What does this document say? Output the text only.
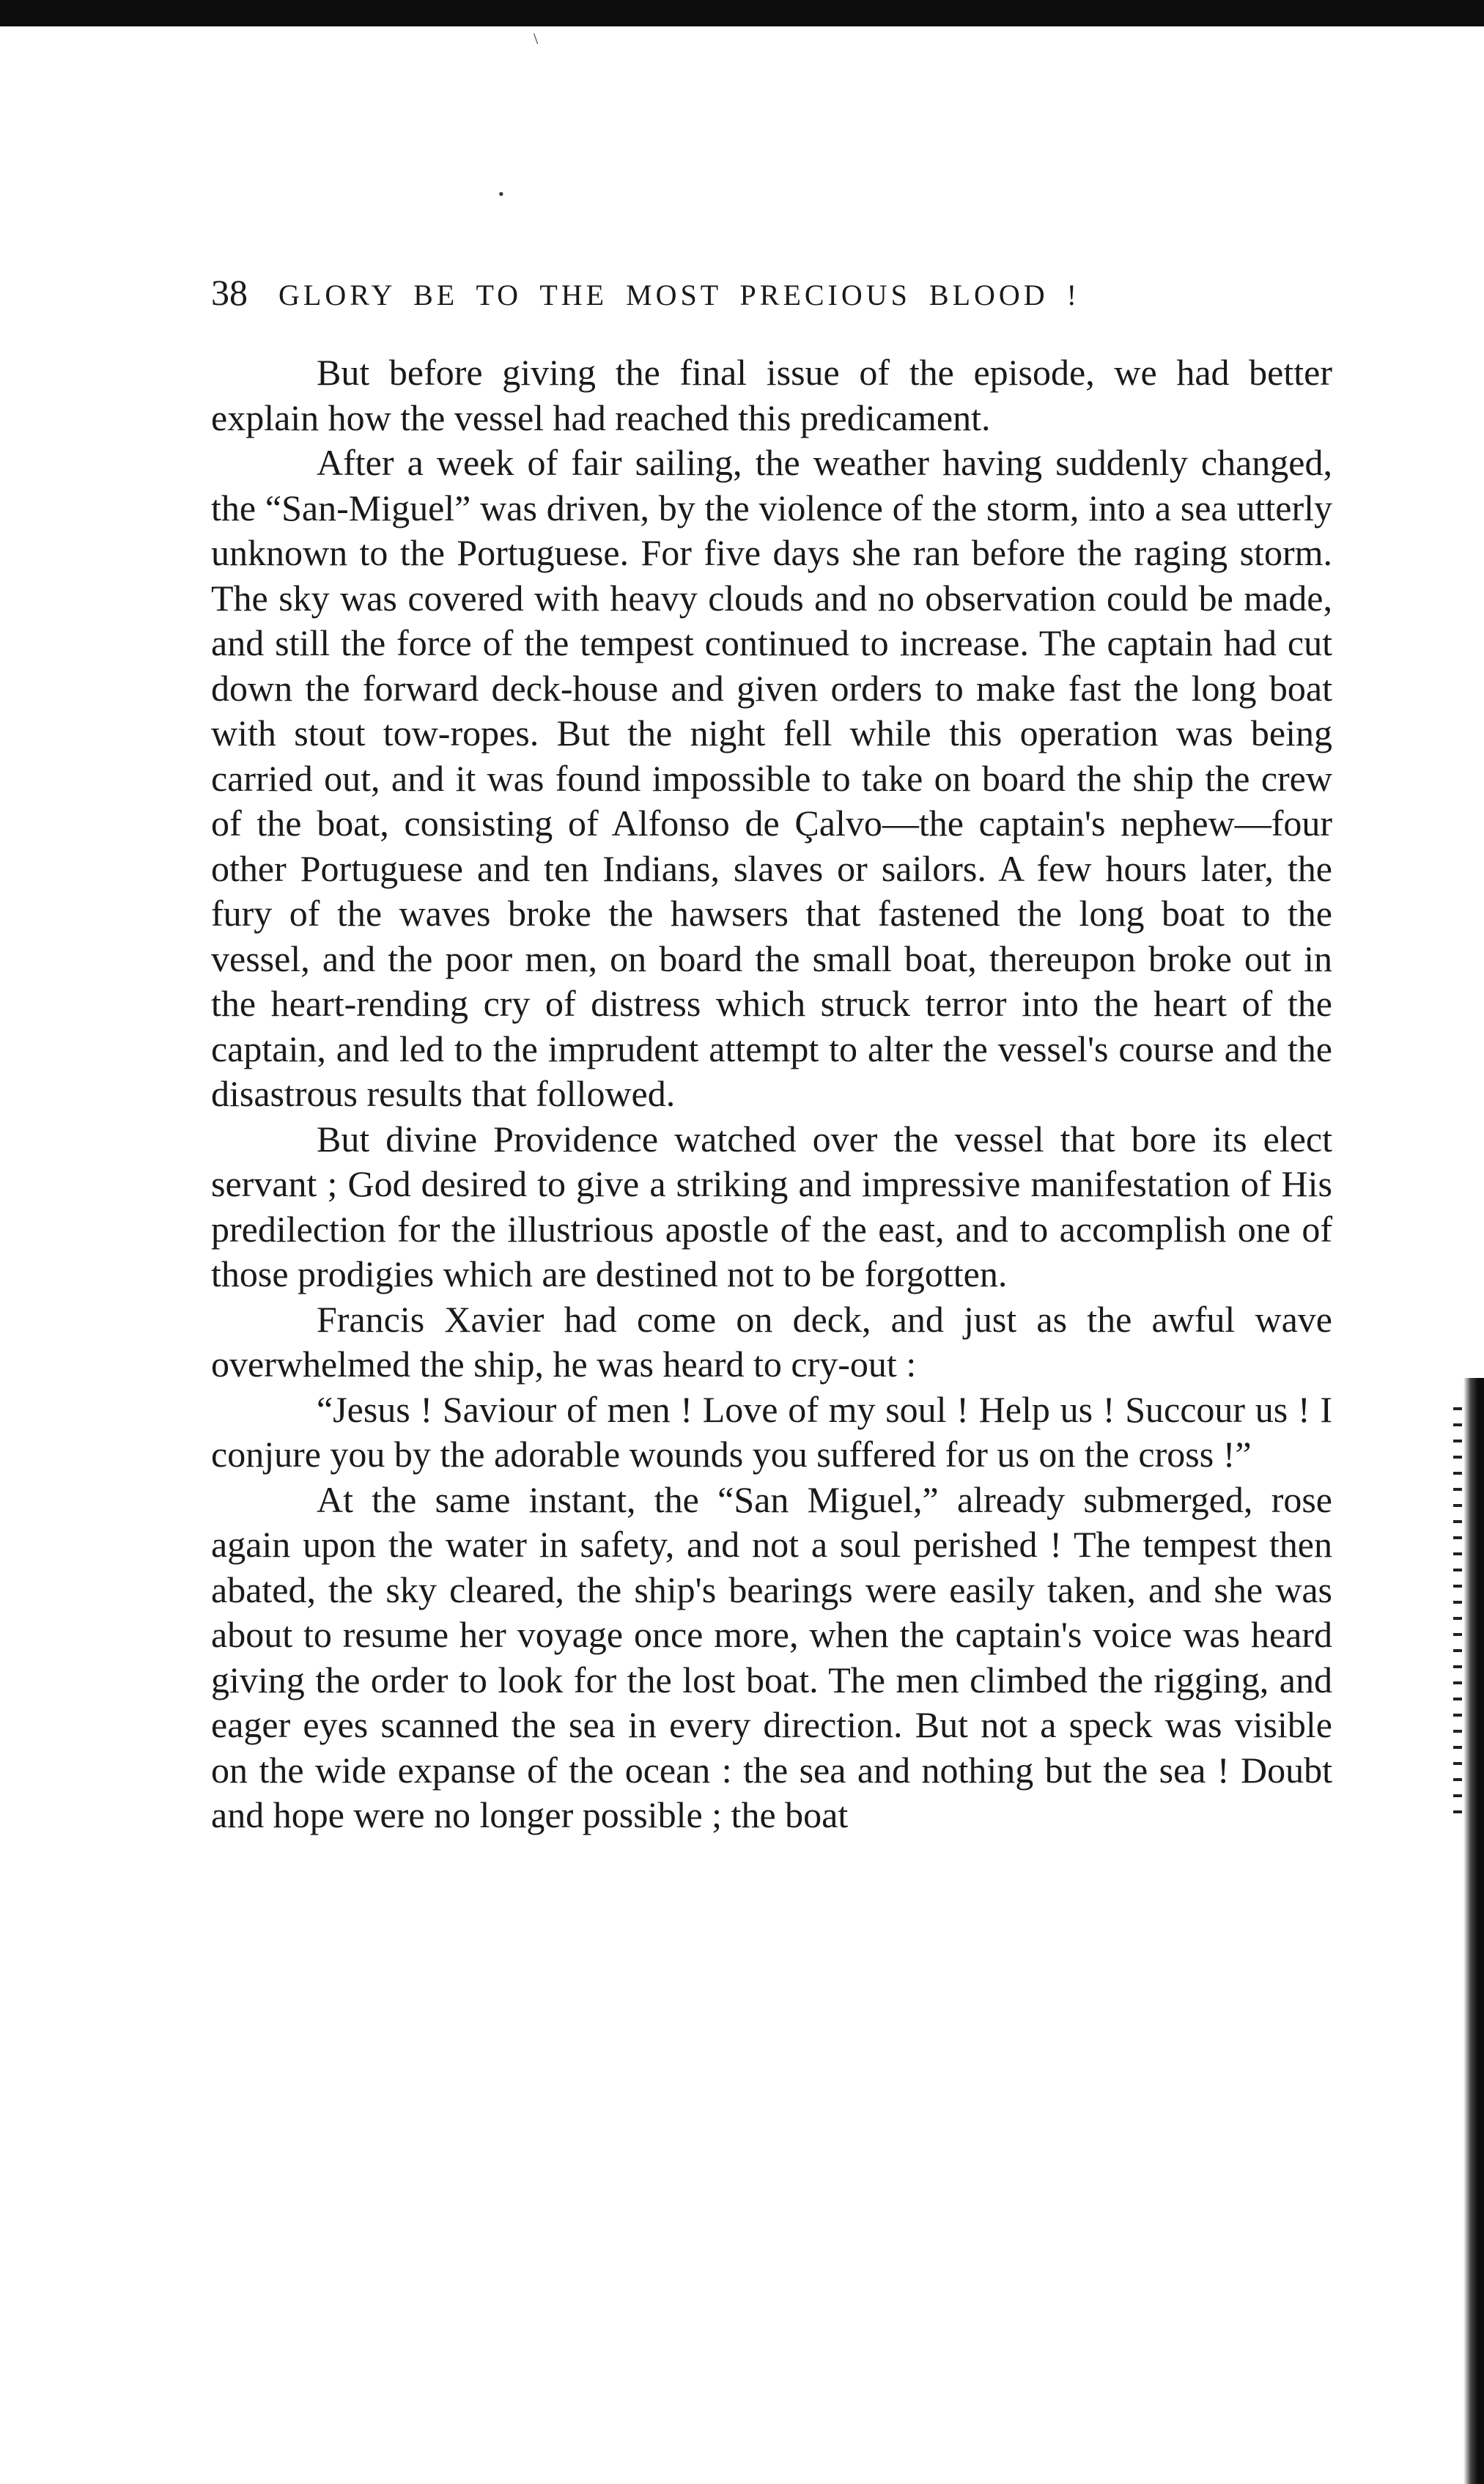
\
•
38	GLORY BE TO THE MOST PRECIOUS BLOOD !

But before giving the final issue of the episode, we had better explain how the vessel had reached this predicament.

After a week of fair sailing, the weather having suddenly changed, the “San-Miguel” was driven, by the violence of the storm, into a sea utterly unknown to the Portuguese. For five days she ran before the raging storm. The sky was covered with heavy clouds and no observation could be made, and still the force of the tempest continued to increase. The captain had cut down the forward deck-house and given orders to make fast the long boat with stout tow-ropes. But the night fell while this operation was being carried out, and it was found impossible to take on board the ship the crew of the boat, consisting of Alfonso de Çalvo—the captain's nephew—four other Portuguese and ten Indians, slaves or sailors. A few hours later, the fury of the waves broke the hawsers that fastened the long boat to the vessel, and the poor men, on board the small boat, thereupon broke out in the heart-rending cry of distress which struck terror into the heart of the captain, and led to the imprudent attempt to alter the vessel's course and the disastrous results that followed.

But divine Providence watched over the vessel that bore its elect servant ; God desired to give a striking and impressive manifestation of His predilection for the illustrious apostle of the east, and to accomplish one of those prodigies which are destined not to be forgotten.

Francis Xavier had come on deck, and just as the awful wave overwhelmed the ship, he was heard to cry-out :

“Jesus ! Saviour of men ! Love of my soul ! Help us ! Succour us ! I conjure you by the adorable wounds you suffered for us on the cross !”

At the same instant, the “San Miguel,” already submerged, rose again upon the water in safety, and not a soul perished ! The tempest then abated, the sky cleared, the ship's bearings were easily taken, and she was about to resume her voyage once more, when the captain's voice was heard giving the order to look for the lost boat. The men climbed the rigging, and eager eyes scanned the sea in every direction. But not a speck was visible on the wide expanse of the ocean : the sea and nothing but the sea ! Doubt and hope were no longer possible ; the boat
